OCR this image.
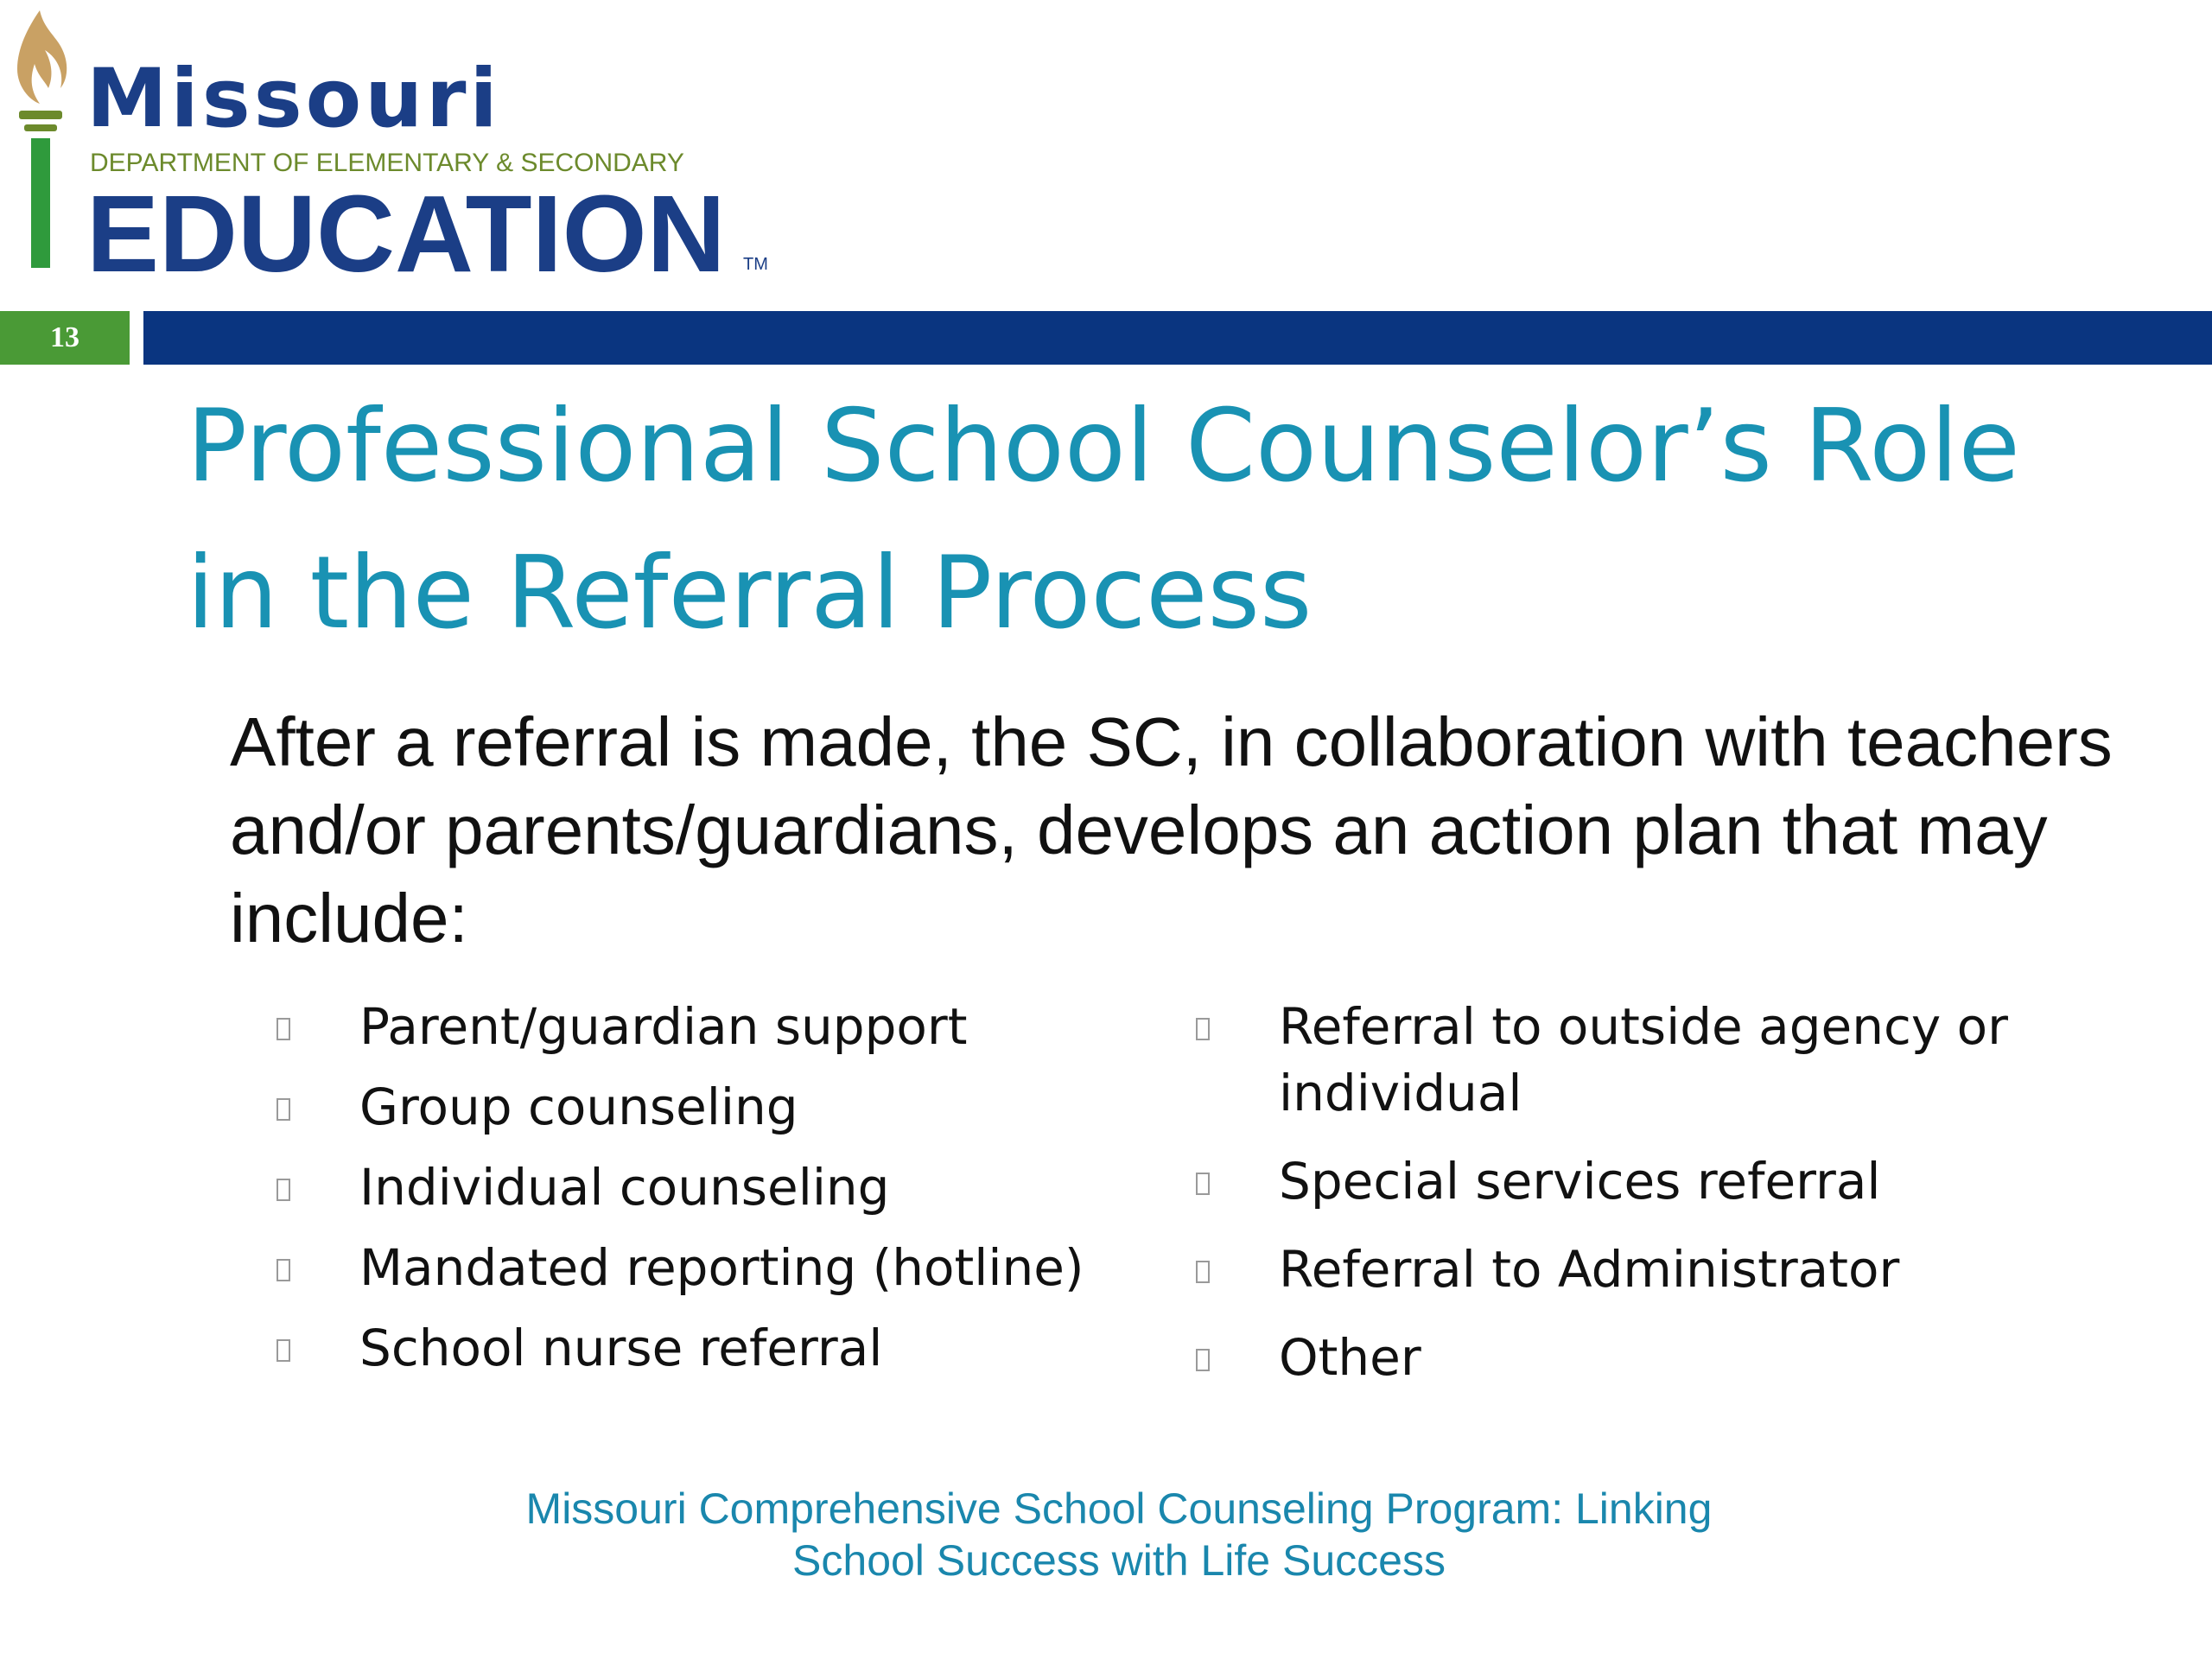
Missouri
DEPARTMENT OF ELEMENTARY & SECONDARY
EDUCATION TM
13
Professional School Counselor’s Role
in the Referral Process

After a referral is made, the SC, in collaboration with teachers and/or parents/guardians, develops an action plan that may include:

Parent/guardian support
Group counseling
Individual counseling
Mandated reporting (hotline)
School nurse referral
Referral to outside agency or individual
Special services referral
Referral to Administrator
Other
Missouri Comprehensive School Counseling Program: Linking
School Success with Life Success
